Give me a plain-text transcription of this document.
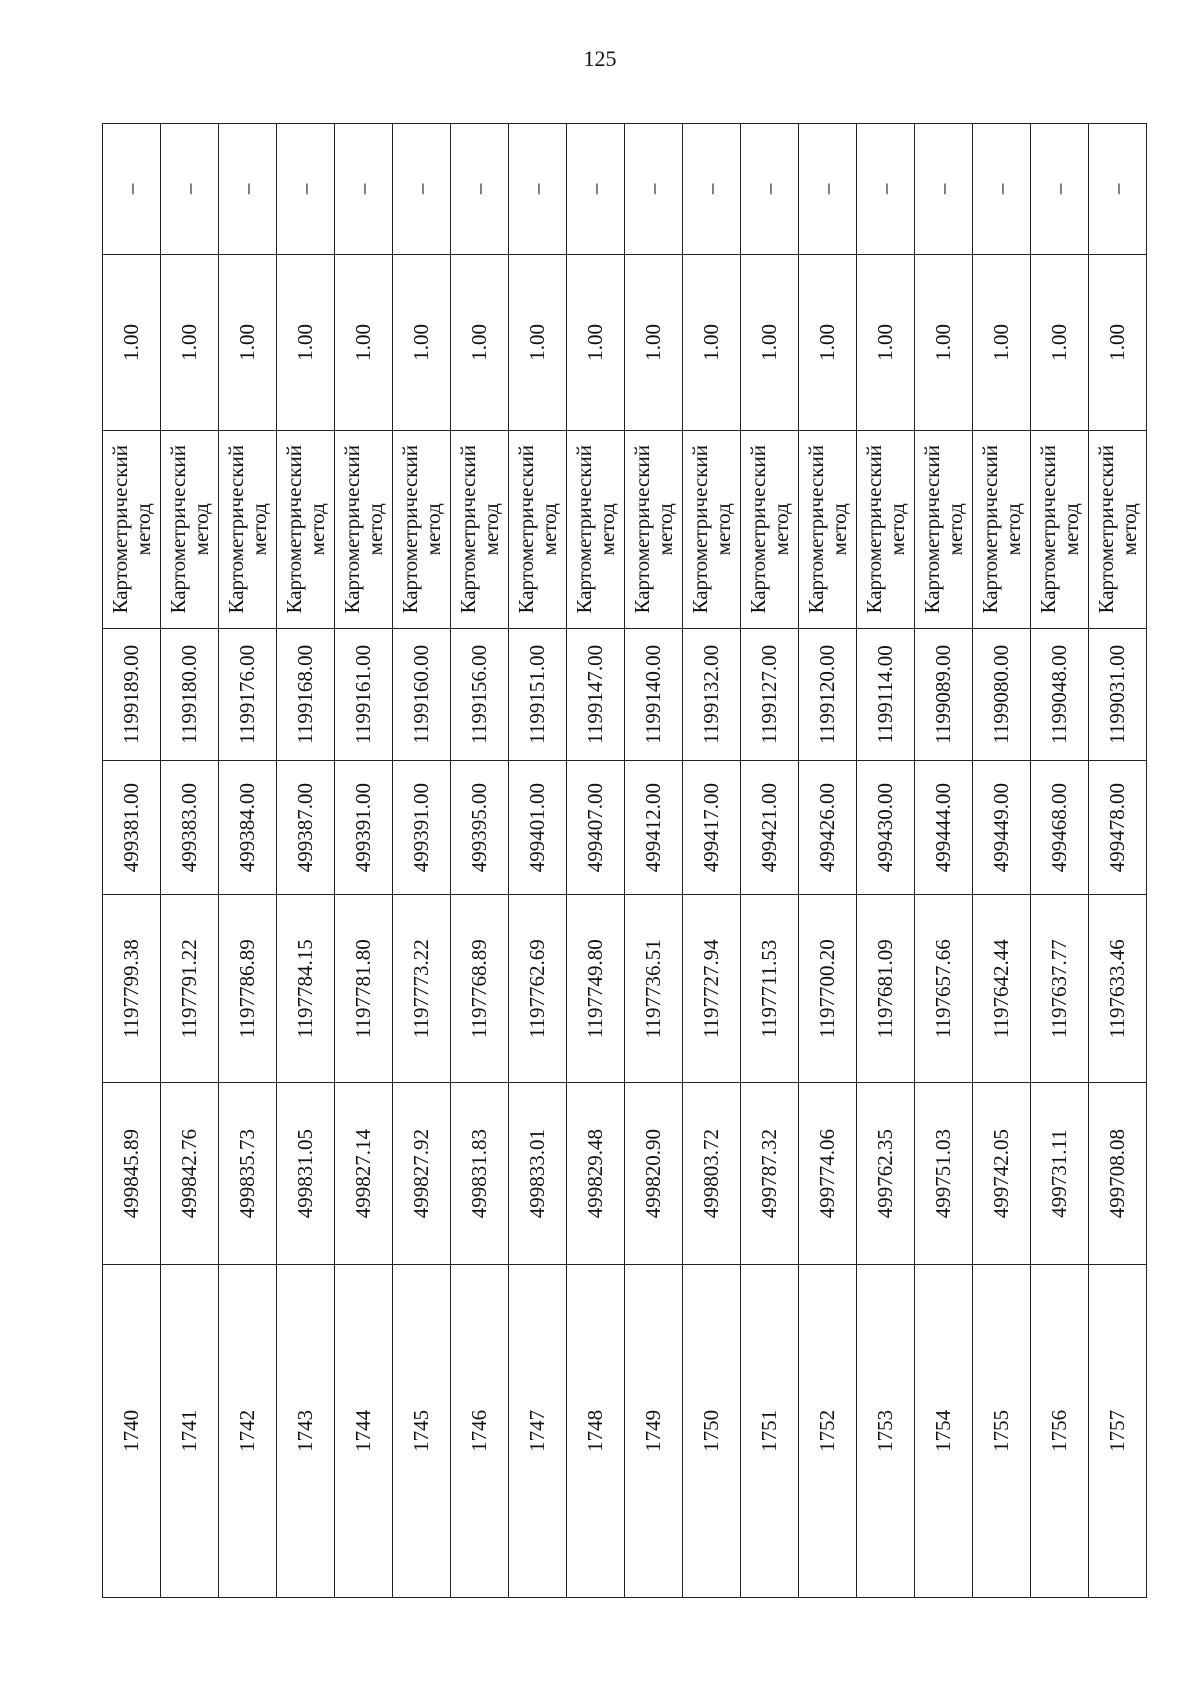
125
1740	499845.89	1197799.38	499381.00	1199189.00	Картометрический метод	1.00	–
1741	499842.76	1197791.22	499383.00	1199180.00	Картометрический метод	1.00	–
1742	499835.73	1197786.89	499384.00	1199176.00	Картометрический метод	1.00	–
1743	499831.05	1197784.15	499387.00	1199168.00	Картометрический метод	1.00	–
1744	499827.14	1197781.80	499391.00	1199161.00	Картометрический метод	1.00	–
1745	499827.92	1197773.22	499391.00	1199160.00	Картометрический метод	1.00	–
1746	499831.83	1197768.89	499395.00	1199156.00	Картометрический метод	1.00	–
1747	499833.01	1197762.69	499401.00	1199151.00	Картометрический метод	1.00	–
1748	499829.48	1197749.80	499407.00	1199147.00	Картометрический метод	1.00	–
1749	499820.90	1197736.51	499412.00	1199140.00	Картометрический метод	1.00	–
1750	499803.72	1197727.94	499417.00	1199132.00	Картометрический метод	1.00	–
1751	499787.32	1197711.53	499421.00	1199127.00	Картометрический метод	1.00	–
1752	499774.06	1197700.20	499426.00	1199120.00	Картометрический метод	1.00	–
1753	499762.35	1197681.09	499430.00	1199114.00	Картометрический метод	1.00	–
1754	499751.03	1197657.66	499444.00	1199089.00	Картометрический метод	1.00	–
1755	499742.05	1197642.44	499449.00	1199080.00	Картометрический метод	1.00	–
1756	499731.11	1197637.77	499468.00	1199048.00	Картометрический метод	1.00	–
1757	499708.08	1197633.46	499478.00	1199031.00	Картометрический метод	1.00	–
